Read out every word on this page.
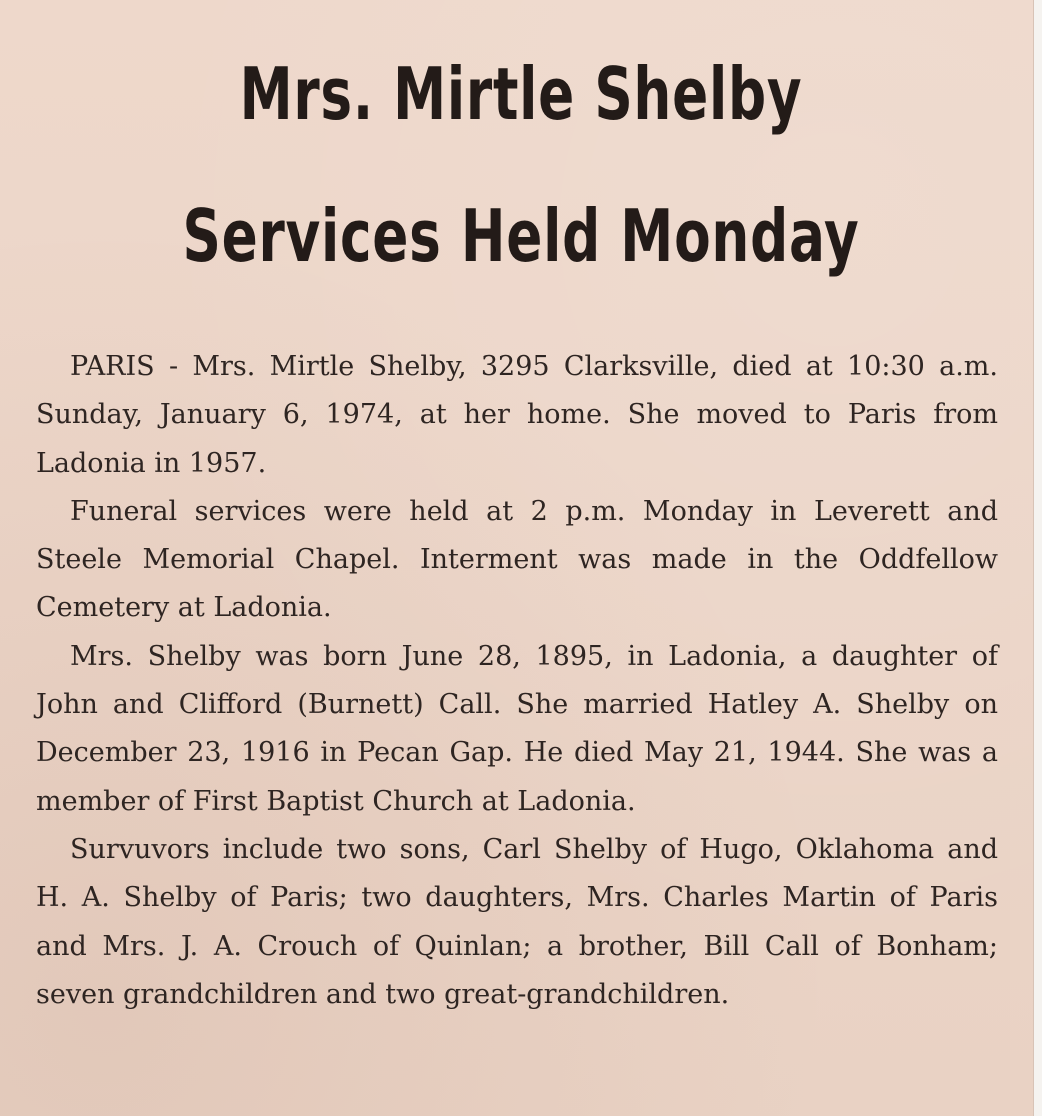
Mrs. Mirtle Shelby
Services Held Monday

PARIS - Mrs. Mirtle Shelby, 3295 Clarksville, died at 10:30 a.m. Sunday, January 6, 1974, at her home. She moved to Paris from Ladonia in 1957.

Funeral services were held at 2 p.m. Monday in Leverett and Steele Memorial Chapel. Interment was made in the Oddfellow Cemetery at Ladonia.

Mrs. Shelby was born June 28, 1895, in Ladonia, a daughter of John and Clifford (Burnett) Call. She married Hatley A. Shelby on December 23, 1916 in Pecan Gap. He died May 21, 1944. She was a member of First Baptist Church at Ladonia.

Survuvors include two sons, Carl Shelby of Hugo, Oklahoma and H. A. Shelby of Paris; two daughters, Mrs. Charles Martin of Paris and Mrs. J. A. Crouch of Quinlan; a brother, Bill Call of Bonham; seven grandchildren and two great-grandchildren.
